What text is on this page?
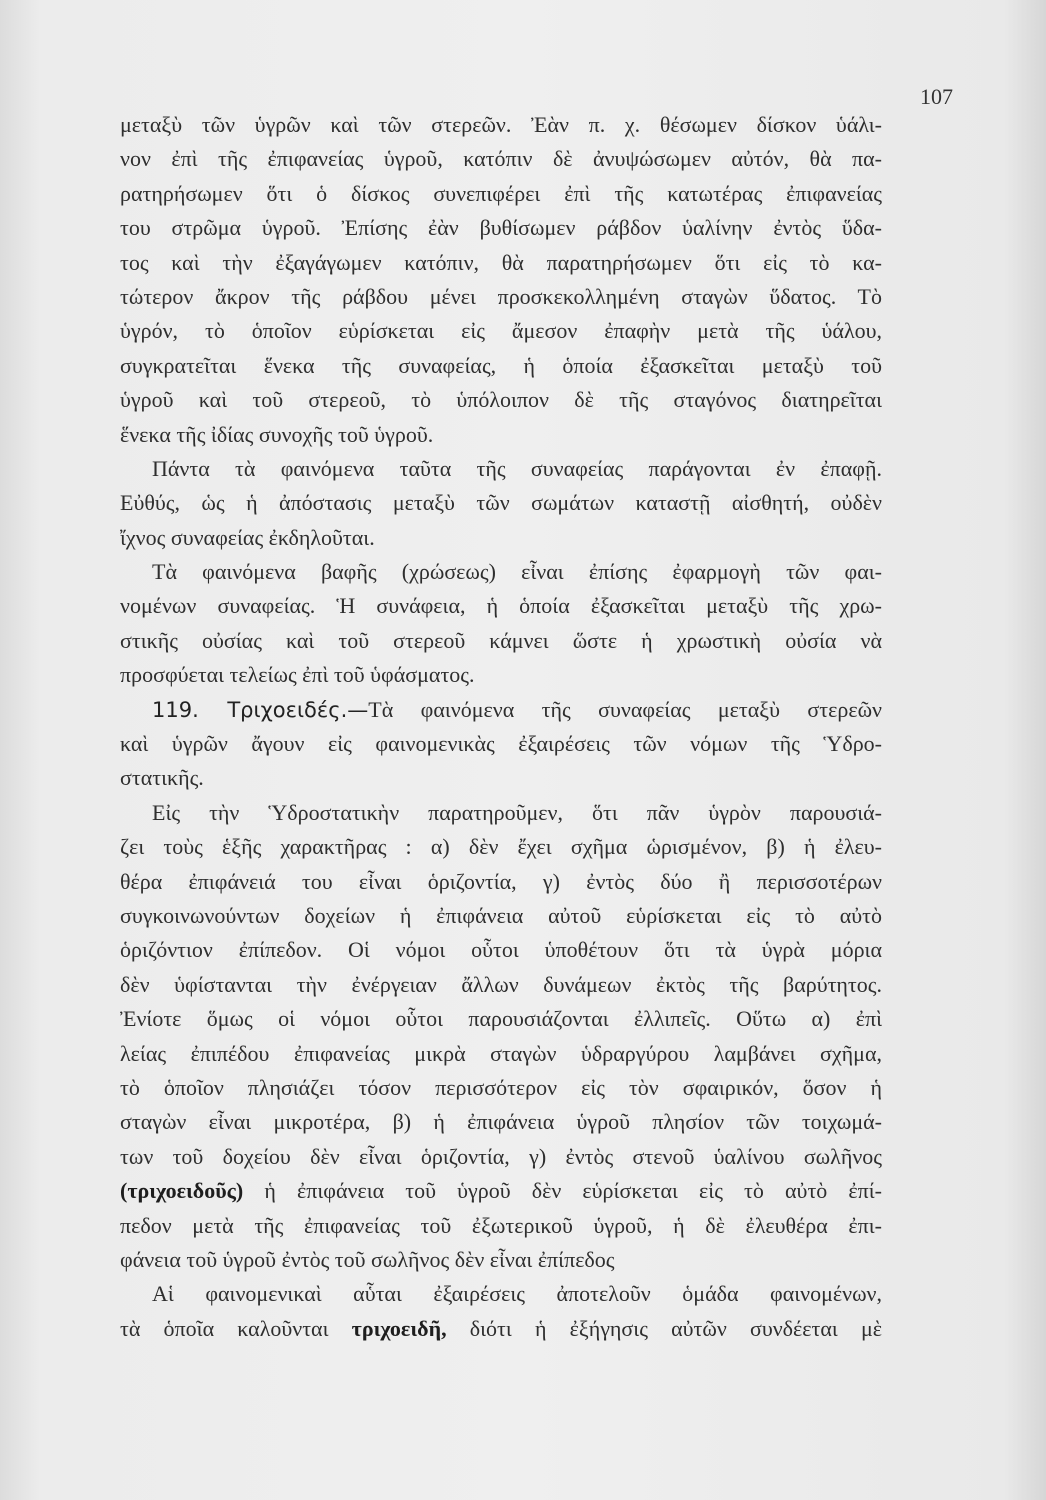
107
μεταξὺ τῶν ὑγρῶν καὶ τῶν στερεῶν. Ἐὰν π. χ. θέσωμεν δίσκον ὑάλι-
νον ἐπὶ τῆς ἐπιφανείας ὑγροῦ, κατόπιν δὲ ἀνυψώσωμεν αὐτόν, θὰ πα-
ρατηρήσωμεν ὅτι ὁ δίσκος συνεπιφέρει ἐπὶ τῆς κατωτέρας ἐπιφανείας
του στρῶμα ὑγροῦ. Ἐπίσης ἐὰν βυθίσωμεν ράβδον ὑαλίνην ἐντὸς ὕδα-
τος καὶ τὴν ἐξαγάγωμεν κατόπιν, θὰ παρατηρήσωμεν ὅτι εἰς τὸ κα-
τώτερον ἄκρον τῆς ράβδου μένει προσκεκολλημένη σταγὼν ὕδατος. Τὸ
ὑγρόν, τὸ ὁποῖον εὑρίσκεται εἰς ἄμεσον ἐπαφὴν μετὰ τῆς ὑάλου,
συγκρατεῖται ἕνεκα τῆς συναφείας, ἡ ὁποία ἐξασκεῖται μεταξὺ τοῦ
ὑγροῦ καὶ τοῦ στερεοῦ, τὸ ὑπόλοιπον δὲ τῆς σταγόνος διατηρεῖται
ἕνεκα τῆς ἰδίας συνοχῆς τοῦ ὑγροῦ.
Πάντα τὰ φαινόμενα ταῦτα τῆς συναφείας παράγονται ἐν ἐπαφῇ.
Εὐθύς, ὡς ἡ ἀπόστασις μεταξὺ τῶν σωμάτων καταστῇ αἰσθητή, οὐδὲν
ἴχνος συναφείας ἐκδηλοῦται.
Τὰ φαινόμενα βαφῆς (χρώσεως) εἶναι ἐπίσης ἐφαρμογὴ τῶν φαι-
νομένων συναφείας. Ἡ συνάφεια, ἡ ὁποία ἐξασκεῖται μεταξὺ τῆς χρω-
στικῆς οὐσίας καὶ τοῦ στερεοῦ κάμνει ὥστε ἡ χρωστικὴ οὐσία νὰ
προσφύεται τελείως ἐπὶ τοῦ ὑφάσματος.
119. Τριχοειδές.—Τὰ φαινόμενα τῆς συναφείας μεταξὺ στερεῶν
καὶ ὑγρῶν ἄγουν εἰς φαινομενικὰς ἐξαιρέσεις τῶν νόμων τῆς Ὑδρο-
στατικῆς.
Εἰς τὴν Ὑδροστατικὴν παρατηροῦμεν, ὅτι πᾶν ὑγρὸν παρουσιά-
ζει τοὺς ἑξῆς χαρακτῆρας : α) δὲν ἔχει σχῆμα ὡρισμένον, β) ἡ ἐλευ-
θέρα ἐπιφάνειά του εἶναι ὁριζοντία, γ) ἐντὸς δύο ἢ περισσοτέρων
συγκοινωνούντων δοχείων ἡ ἐπιφάνεια αὐτοῦ εὑρίσκεται εἰς τὸ αὐτὸ
ὁριζόντιον ἐπίπεδον. Οἱ νόμοι οὗτοι ὑποθέτουν ὅτι τὰ ὑγρὰ μόρια
δὲν ὑφίστανται τὴν ἐνέργειαν ἄλλων δυνάμεων ἐκτὸς τῆς βαρύτητος.
Ἐνίοτε ὅμως οἱ νόμοι οὗτοι παρουσιάζονται ἐλλιπεῖς. Οὕτω α) ἐπὶ
λείας ἐπιπέδου ἐπιφανείας μικρὰ σταγὼν ὑδραργύρου λαμβάνει σχῆμα,
τὸ ὁποῖον πλησιάζει τόσον περισσότερον εἰς τὸν σφαιρικόν, ὅσον ἡ
σταγὼν εἶναι μικροτέρα, β) ἡ ἐπιφάνεια ὑγροῦ πλησίον τῶν τοιχωμά-
των τοῦ δοχείου δὲν εἶναι ὁριζοντία, γ) ἐντὸς στενοῦ ὑαλίνου σωλῆνος
(τριχοειδοῦς) ἡ ἐπιφάνεια τοῦ ὑγροῦ δὲν εὑρίσκεται εἰς τὸ αὐτὸ ἐπί-
πεδον μετὰ τῆς ἐπιφανείας τοῦ ἐξωτερικοῦ ὑγροῦ, ἡ δὲ ἐλευθέρα ἐπι-
φάνεια τοῦ ὑγροῦ ἐντὸς τοῦ σωλῆνος δὲν εἶναι ἐπίπεδος
Αἱ φαινομενικαὶ αὗται ἐξαιρέσεις ἀποτελοῦν ὁμάδα φαινομένων,
τὰ ὁποῖα καλοῦνται τριχοειδῆ, διότι ἡ ἐξήγησις αὐτῶν συνδέεται μὲ
